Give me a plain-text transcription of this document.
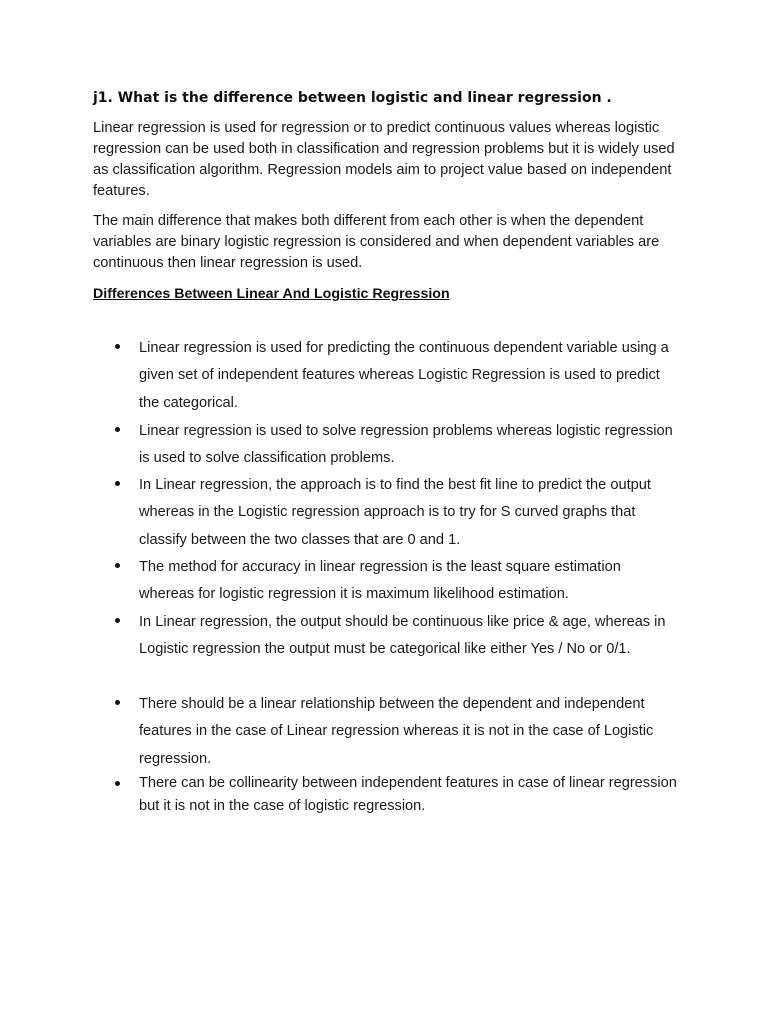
j1. What is the difference between logistic and linear regression .
Linear regression is used for regression or to predict continuous values whereas logistic regression can be used both in classification and regression problems but it is widely used as classification algorithm. Regression models aim to project value based on independent features.
The main difference that makes both different from each other is when the dependent variables are binary logistic regression is considered and when dependent variables are continuous then linear regression is used.
Differences Between Linear And Logistic Regression
Linear regression is used for predicting the continuous dependent variable using a given set of independent features whereas Logistic Regression is used to predict the categorical.
Linear regression is used to solve regression problems whereas logistic regression is used to solve classification problems.
In Linear regression, the approach is to find the best fit line to predict the output whereas in the Logistic regression approach is to try for S curved graphs that classify between the two classes that are 0 and 1.
The method for accuracy in linear regression is the least square estimation whereas for logistic regression it is maximum likelihood estimation.
In Linear regression, the output should be continuous like price & age, whereas in Logistic regression the output must be categorical like either Yes / No or 0/1.
There should be a linear relationship between the dependent and independent features in the case of Linear regression whereas it is not in the case of Logistic regression.
There can be collinearity between independent features in case of linear regression but it is not in the case of logistic regression.
